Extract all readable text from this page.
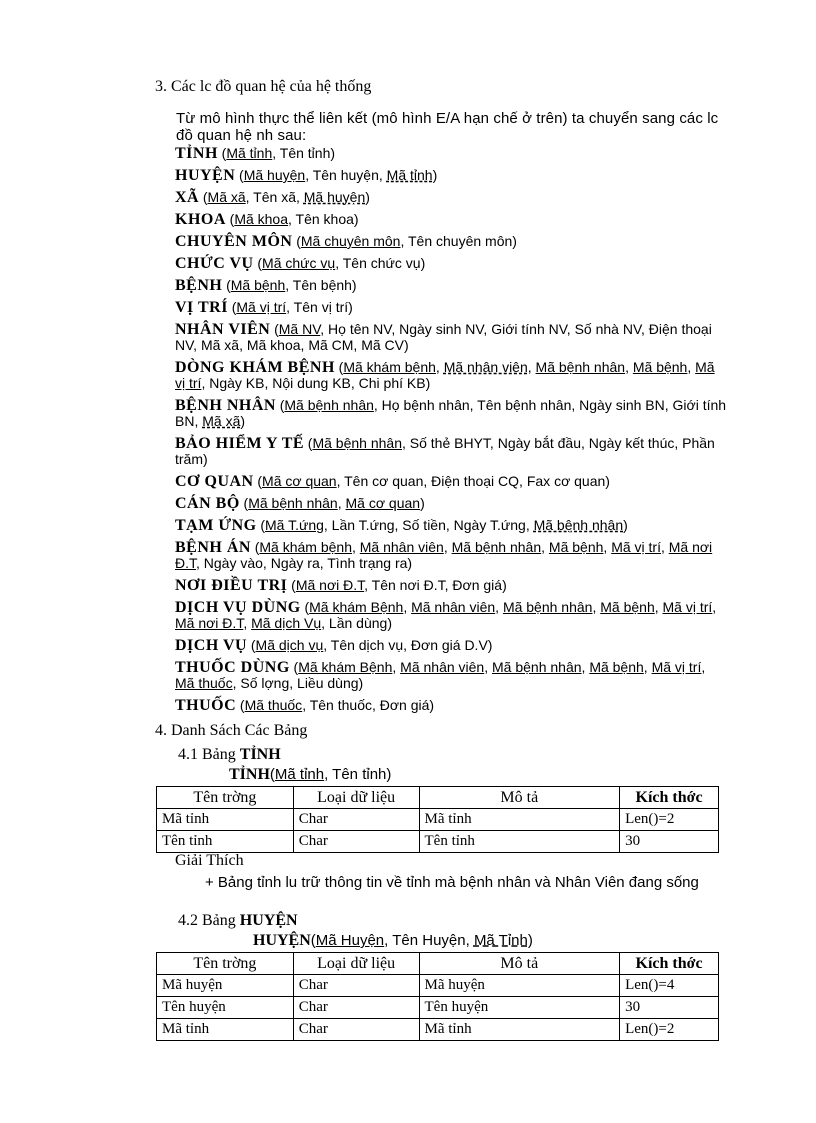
3. Các lc đồ quan hệ của hệ thống
Từ mô hình thực thể liên kết (mô hình E/A hạn chế ở trên) ta chuyển sang các lc đồ quan hệ nh sau:
TỈNH (Mã tỉnh, Tên tỉnh)
HUYỆN (Mã huyện, Tên huyện, Mã tỉnh)
XÃ (Mã xã, Tên xã, Mã huyện)
KHOA (Mã khoa, Tên khoa)
CHUYÊN MÔN (Mã chuyên môn, Tên chuyên môn)
CHỨC VỤ (Mã chức vụ, Tên chức vụ)
BỆNH (Mã bệnh, Tên bệnh)
VỊ TRÍ (Mã vị trí, Tên vị trí)
NHÂN VIÊN (Mã NV, Họ tên NV, Ngày sinh NV, Giới tính NV, Số nhà NV, Điện thoại NV, Mã xã, Mã khoa, Mã CM, Mã CV)
DÒNG KHÁM BỆNH (Mã khám bệnh, Mã nhân viên, Mã bệnh nhân, Mã bệnh, Mã vị trí, Ngày KB, Nội dung KB, Chi phí KB)
BỆNH NHÂN (Mã bệnh nhân, Họ bệnh nhân, Tên bệnh nhân, Ngày sinh BN, Giới tính BN, Mã xã)
BẢO HIỂM Y TẾ (Mã bệnh nhân, Số thẻ BHYT, Ngày bắt đầu, Ngày kết thúc, Phần trăm)
CƠ QUAN (Mã cơ quan, Tên cơ quan, Điện thoại CQ, Fax cơ quan)
CÁN BỘ (Mã bệnh nhân, Mã cơ quan)
TẠM ỨNG (Mã T.ứng, Lần T.ứng, Số tiền, Ngày T.ứng, Mã bệnh nhân)
BỆNH ÁN (Mã khám bệnh, Mã nhân viên, Mã bệnh nhân, Mã bệnh, Mã vị trí, Mã nơi Đ.T, Ngày vào, Ngày ra, Tình trạng ra)
NƠI ĐIỀU TRỊ (Mã nơi Đ.T, Tên nơi Đ.T, Đơn giá)
DỊCH VỤ DÙNG (Mã khám Bệnh, Mã nhân viên, Mã bệnh nhân, Mã bệnh, Mã vị trí, Mã nơi Đ.T, Mã dịch Vụ, Lần dùng)
DỊCH VỤ (Mã dịch vụ, Tên dịch vụ, Đơn giá D.V)
THUỐC DÙNG (Mã khám Bệnh, Mã nhân viên, Mã bệnh nhân, Mã bệnh, Mã vị trí, Mã thuốc, Số lợng, Liều dùng)
THUỐC (Mã thuốc, Tên thuốc, Đơn giá)
4. Danh Sách Các Bảng
4.1 Bảng TỈNH
TỈNH(Mã tỉnh, Tên tỉnh)
Tên trờng	Loại dữ liệu	Mô tả	Kích thớc
Mã tỉnh	Char	Mã tỉnh	Len()=2
Tên tỉnh	Char	Tên tỉnh	30
Giải Thích
+ Bảng tỉnh lu trữ thông tin về tỉnh mà bệnh nhân và Nhân Viên đang sống
4.2 Bảng HUYỆN
HUYỆN(Mã Huyện, Tên Huyện, Mã Tỉnh)
Tên trờng	Loại dữ liệu	Mô tả	Kích thớc
Mã huyện	Char	Mã huyện	Len()=4
Tên huyện	Char	Tên huyện	30
Mã tỉnh	Char	Mã tỉnh	Len()=2
